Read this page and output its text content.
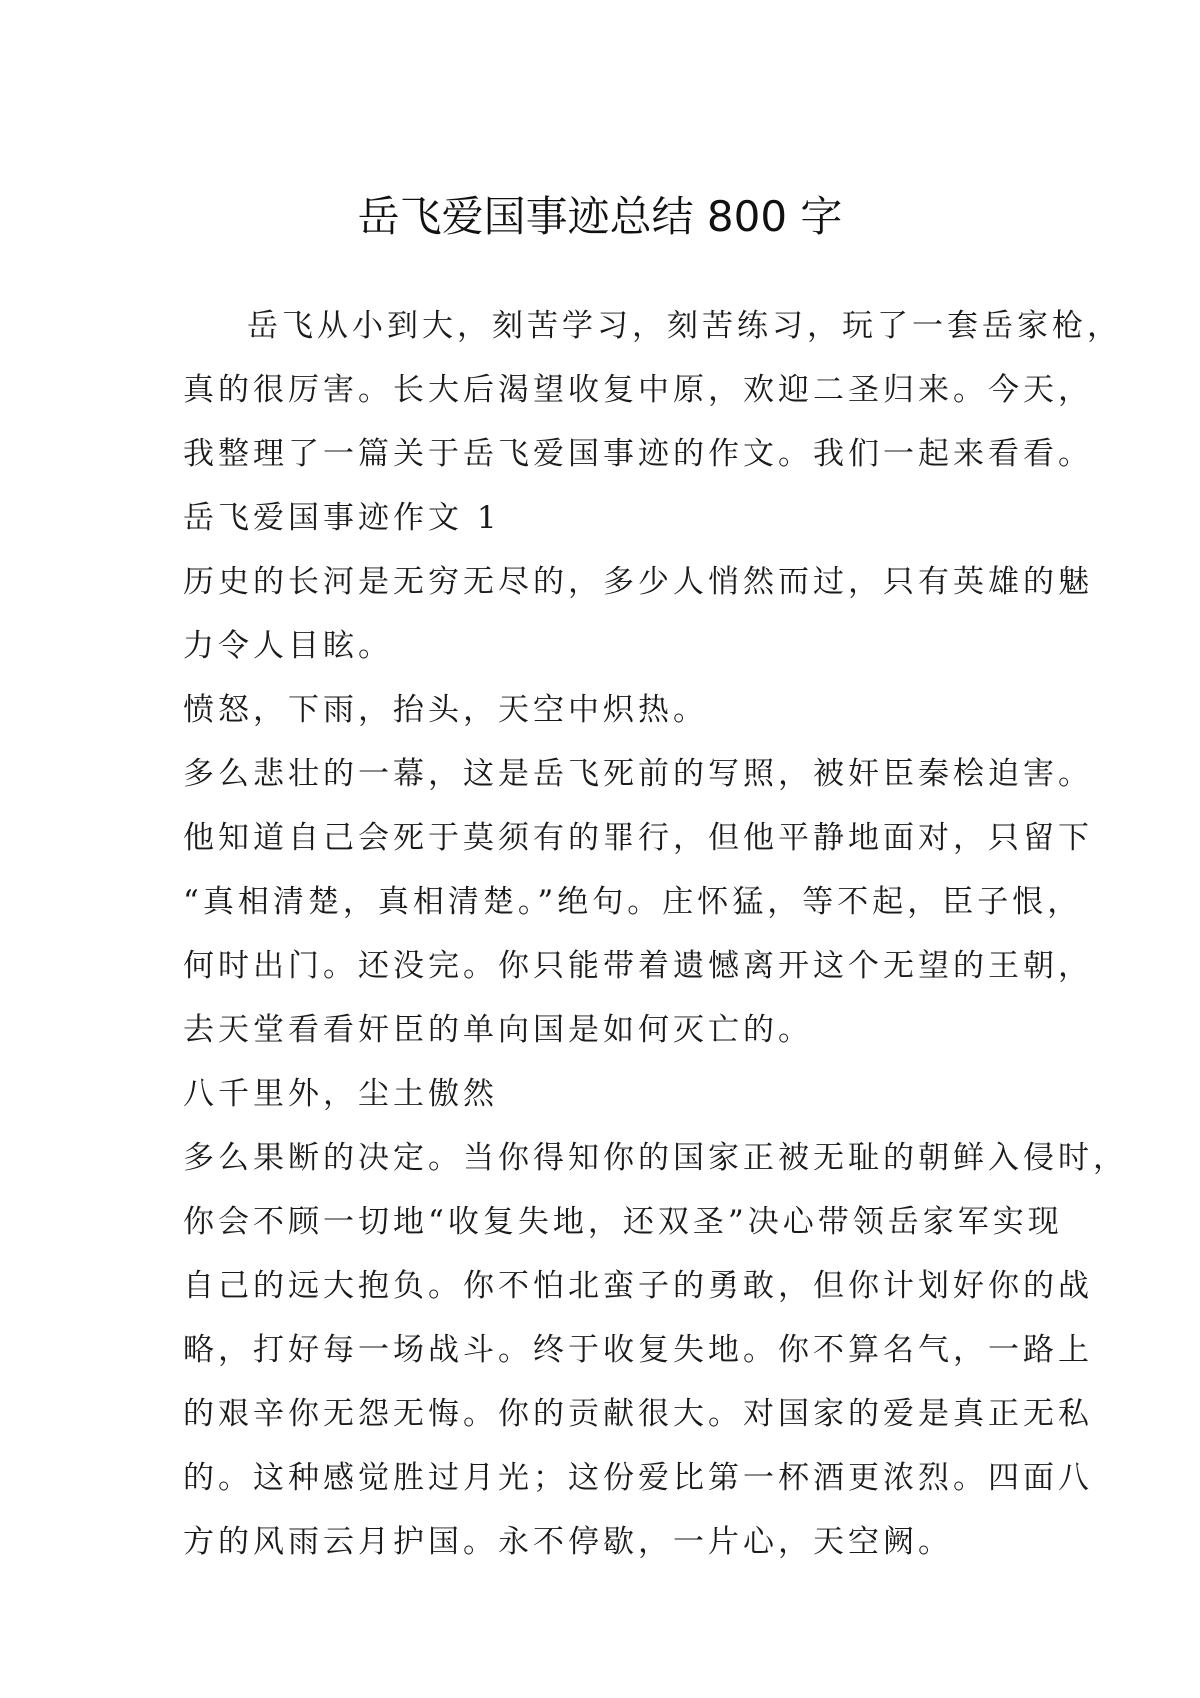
岳飞爱国事迹总结 800 字
岳飞从小到大，刻苦学习，刻苦练习，玩了一套岳家枪，
真的很厉害。长大后渴望收复中原，欢迎二圣归来。今天，
我整理了一篇关于岳飞爱国事迹的作文。我们一起来看看。
岳飞爱国事迹作文 1
历史的长河是无穷无尽的，多少人悄然而过，只有英雄的魅
力令人目眩。
愤怒，下雨，抬头，天空中炽热。
多么悲壮的一幕，这是岳飞死前的写照，被奸臣秦桧迫害。
他知道自己会死于莫须有的罪行，但他平静地面对，只留下
“真相清楚，真相清楚。”绝句。庄怀猛，等不起，臣子恨，
何时出门。还没完。你只能带着遗憾离开这个无望的王朝，
去天堂看看奸臣的单向国是如何灭亡的。
八千里外，尘土傲然
多么果断的决定。当你得知你的国家正被无耻的朝鲜入侵时，
你会不顾一切地“收复失地，还双圣”决心带领岳家军实现
自己的远大抱负。你不怕北蛮子的勇敢，但你计划好你的战
略，打好每一场战斗。终于收复失地。你不算名气，一路上
的艰辛你无怨无悔。你的贡献很大。对国家的爱是真正无私
的。这种感觉胜过月光；这份爱比第一杯酒更浓烈。四面八
方的风雨云月护国。永不停歇，一片心，天空阙。
